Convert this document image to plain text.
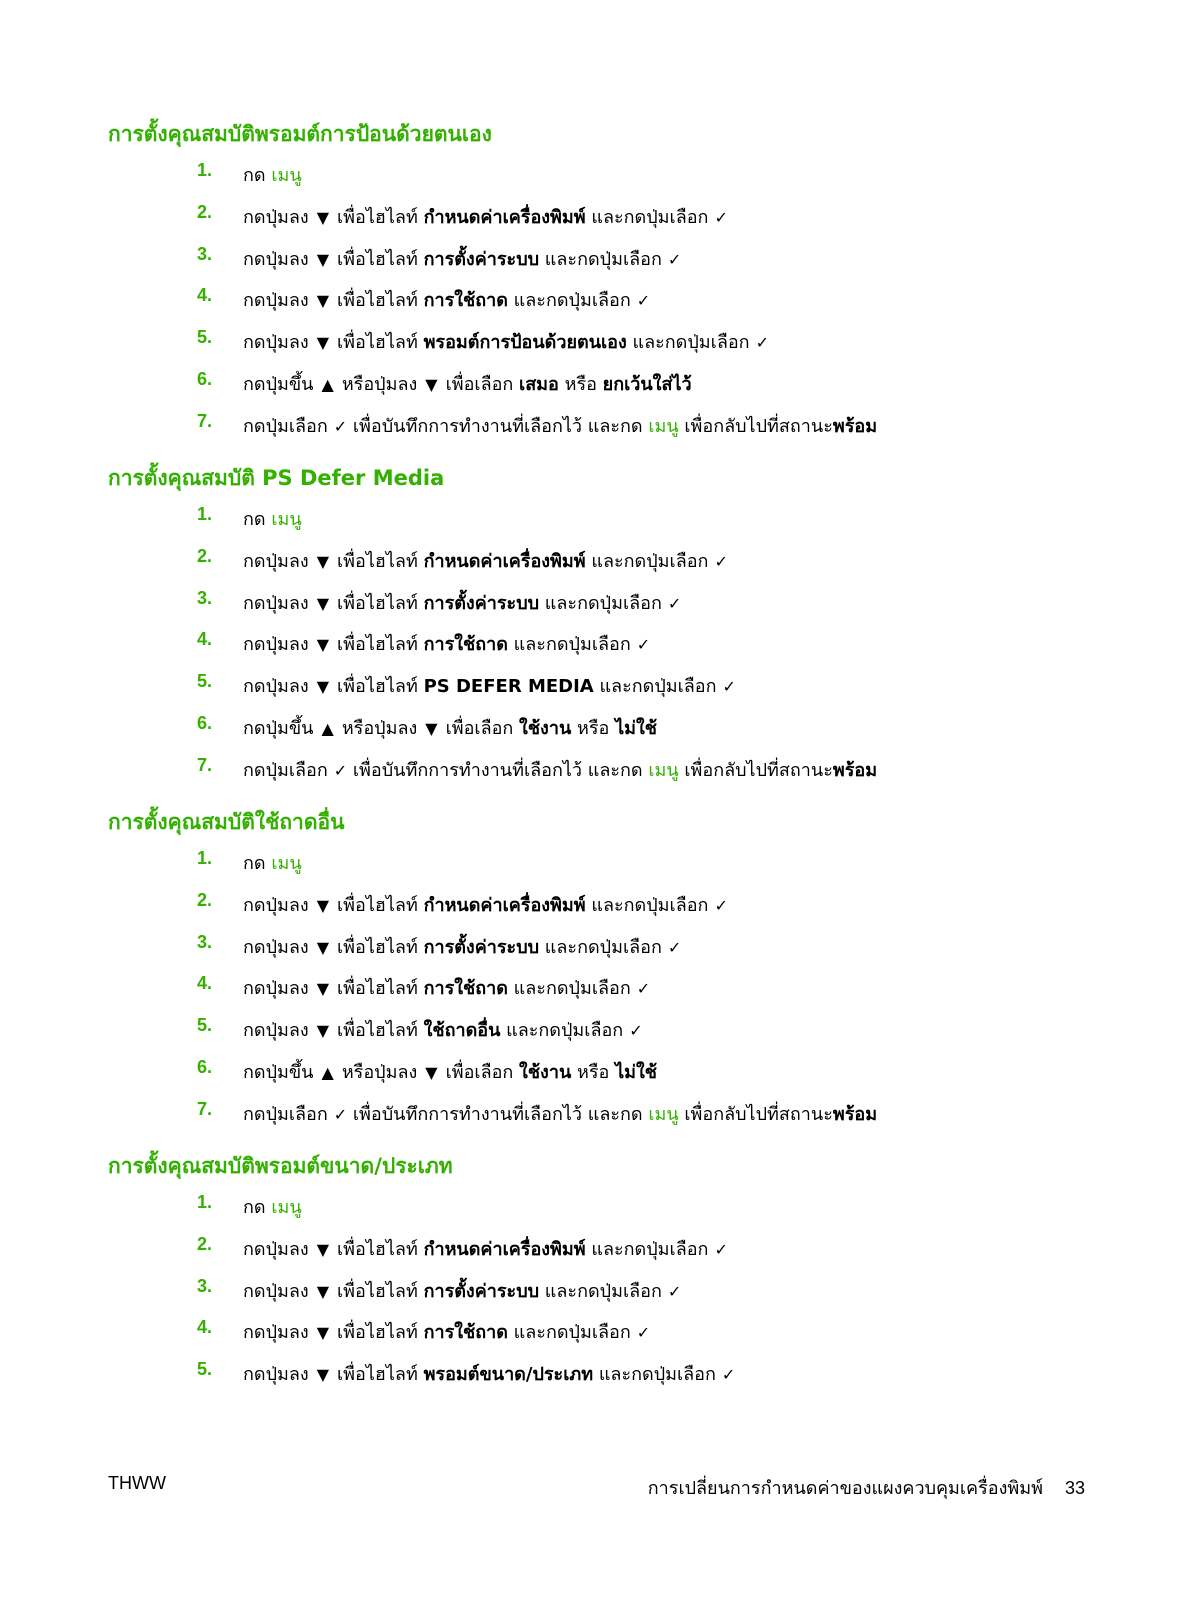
การตั้งคุณสมบัติพรอมต์การป้อนด้วยตนเอง
1. กด เมนู
2. กดปุ่มลง ▼ เพื่อไฮไลท์ กำหนดค่าเครื่องพิมพ์ และกดปุ่มเลือก ✓
3. กดปุ่มลง ▼ เพื่อไฮไลท์ การตั้งค่าระบบ และกดปุ่มเลือก ✓
4. กดปุ่มลง ▼ เพื่อไฮไลท์ การใช้ถาด และกดปุ่มเลือก ✓
5. กดปุ่มลง ▼ เพื่อไฮไลท์ พรอมต์การป้อนด้วยตนเอง และกดปุ่มเลือก ✓
6. กดปุ่มขึ้น ▲ หรือปุ่มลง ▼ เพื่อเลือก เสมอ หรือ ยกเว้นใส่ไว้
7. กดปุ่มเลือก ✓ เพื่อบันทึกการทำงานที่เลือกไว้ และกด เมนู เพื่อกลับไปที่สถานะพร้อม
การตั้งคุณสมบัติ PS Defer Media
1. กด เมนู
2. กดปุ่มลง ▼ เพื่อไฮไลท์ กำหนดค่าเครื่องพิมพ์ และกดปุ่มเลือก ✓
3. กดปุ่มลง ▼ เพื่อไฮไลท์ การตั้งค่าระบบ และกดปุ่มเลือก ✓
4. กดปุ่มลง ▼ เพื่อไฮไลท์ การใช้ถาด และกดปุ่มเลือก ✓
5. กดปุ่มลง ▼ เพื่อไฮไลท์ PS DEFER MEDIA และกดปุ่มเลือก ✓
6. กดปุ่มขึ้น ▲ หรือปุ่มลง ▼ เพื่อเลือก ใช้งาน หรือ ไม่ใช้
7. กดปุ่มเลือก ✓ เพื่อบันทึกการทำงานที่เลือกไว้ และกด เมนู เพื่อกลับไปที่สถานะพร้อม
การตั้งคุณสมบัติใช้ถาดอื่น
1. กด เมนู
2. กดปุ่มลง ▼ เพื่อไฮไลท์ กำหนดค่าเครื่องพิมพ์ และกดปุ่มเลือก ✓
3. กดปุ่มลง ▼ เพื่อไฮไลท์ การตั้งค่าระบบ และกดปุ่มเลือก ✓
4. กดปุ่มลง ▼ เพื่อไฮไลท์ การใช้ถาด และกดปุ่มเลือก ✓
5. กดปุ่มลง ▼ เพื่อไฮไลท์ ใช้ถาดอื่น และกดปุ่มเลือก ✓
6. กดปุ่มขึ้น ▲ หรือปุ่มลง ▼ เพื่อเลือก ใช้งาน หรือ ไม่ใช้
7. กดปุ่มเลือก ✓ เพื่อบันทึกการทำงานที่เลือกไว้ และกด เมนู เพื่อกลับไปที่สถานะพร้อม
การตั้งคุณสมบัติพรอมต์ขนาด/ประเภท
1. กด เมนู
2. กดปุ่มลง ▼ เพื่อไฮไลท์ กำหนดค่าเครื่องพิมพ์ และกดปุ่มเลือก ✓
3. กดปุ่มลง ▼ เพื่อไฮไลท์ การตั้งค่าระบบ และกดปุ่มเลือก ✓
4. กดปุ่มลง ▼ เพื่อไฮไลท์ การใช้ถาด และกดปุ่มเลือก ✓
5. กดปุ่มลง ▼ เพื่อไฮไลท์ พรอมต์ขนาด/ประเภท และกดปุ่มเลือก ✓
THWW	การเปลี่ยนการกำหนดค่าของแผงควบคุมเครื่องพิมพ์ 33
